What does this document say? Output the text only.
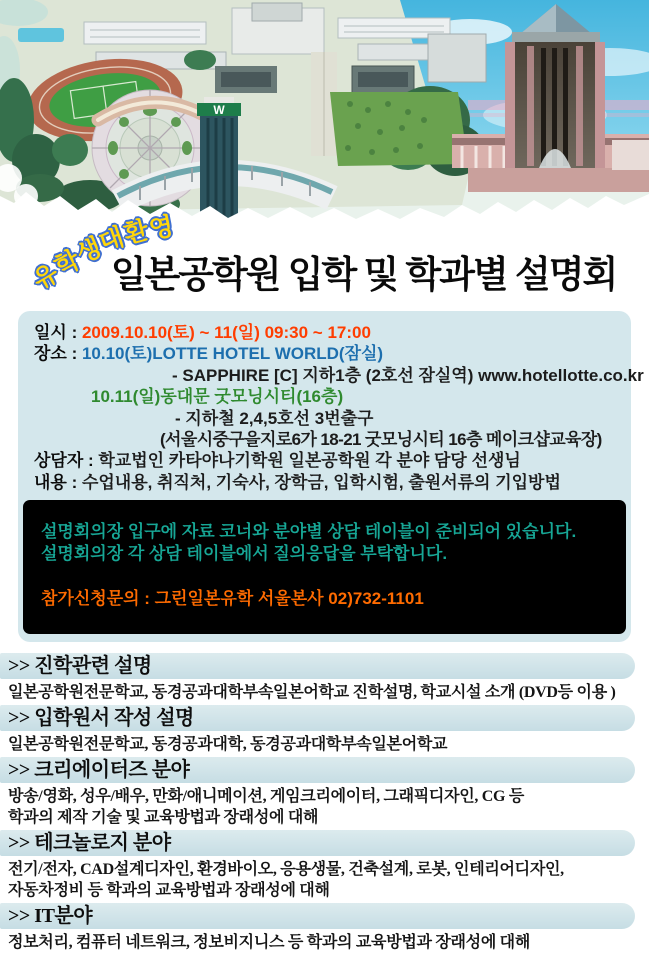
W
유학생대환영
일본공학원 입학 및 학과별 설명회
일시 : 2009.10.10(토) ~ 11(일) 09:30 ~ 17:00
장소 : 10.10(토)LOTTE HOTEL WORLD(잠실)
- SAPPHIRE [C] 지하1층 (2호선 잠실역) www.hotellotte.co.kr
10.11(일)동대문 굿모닝시티(16층)
- 지하철 2,4,5호선 3번출구
(서울시중구을지로6가 18-21 굿모닝시티 16층 메이크샵교육장)
상담자 : 학교법인 카타야나기학원 일본공학원 각 분야 담당 선생님
내용 : 수업내용, 취직처, 기숙사, 장학금, 입학시험, 출원서류의 기입방법
설명회의장 입구에 자료 코너와 분야별 상담 테이블이 준비되어 있습니다.
설명회의장 각 상담 테이블에서 질의응답을 부탁합니다.
참가신청문의 : 그린일본유학 서울본사 02)732-1101
>> 진학관련 설명
일본공학원전문학교, 동경공과대학부속일본어학교 진학설명, 학교시설 소개 (DVD등 이용 )
>> 입학원서 작성 설명
일본공학원전문학교, 동경공과대학, 동경공과대학부속일본어학교
>> 크리에이터즈 분야
방송/영화, 성우/배우, 만화/애니메이션, 게임크리에이터, 그래픽디자인, CG 등
학과의 제작 기술 및 교육방법과 장래성에 대해
>> 테크놀로지 분야
전기/전자, CAD설계디자인, 환경바이오, 응용생물, 건축설계, 로봇, 인테리어디자인,
자동차정비 등 학과의 교육방법과 장래성에 대해
>> IT분야
정보처리, 컴퓨터 네트워크, 정보비지니스 등 학과의 교육방법과 장래성에 대해
